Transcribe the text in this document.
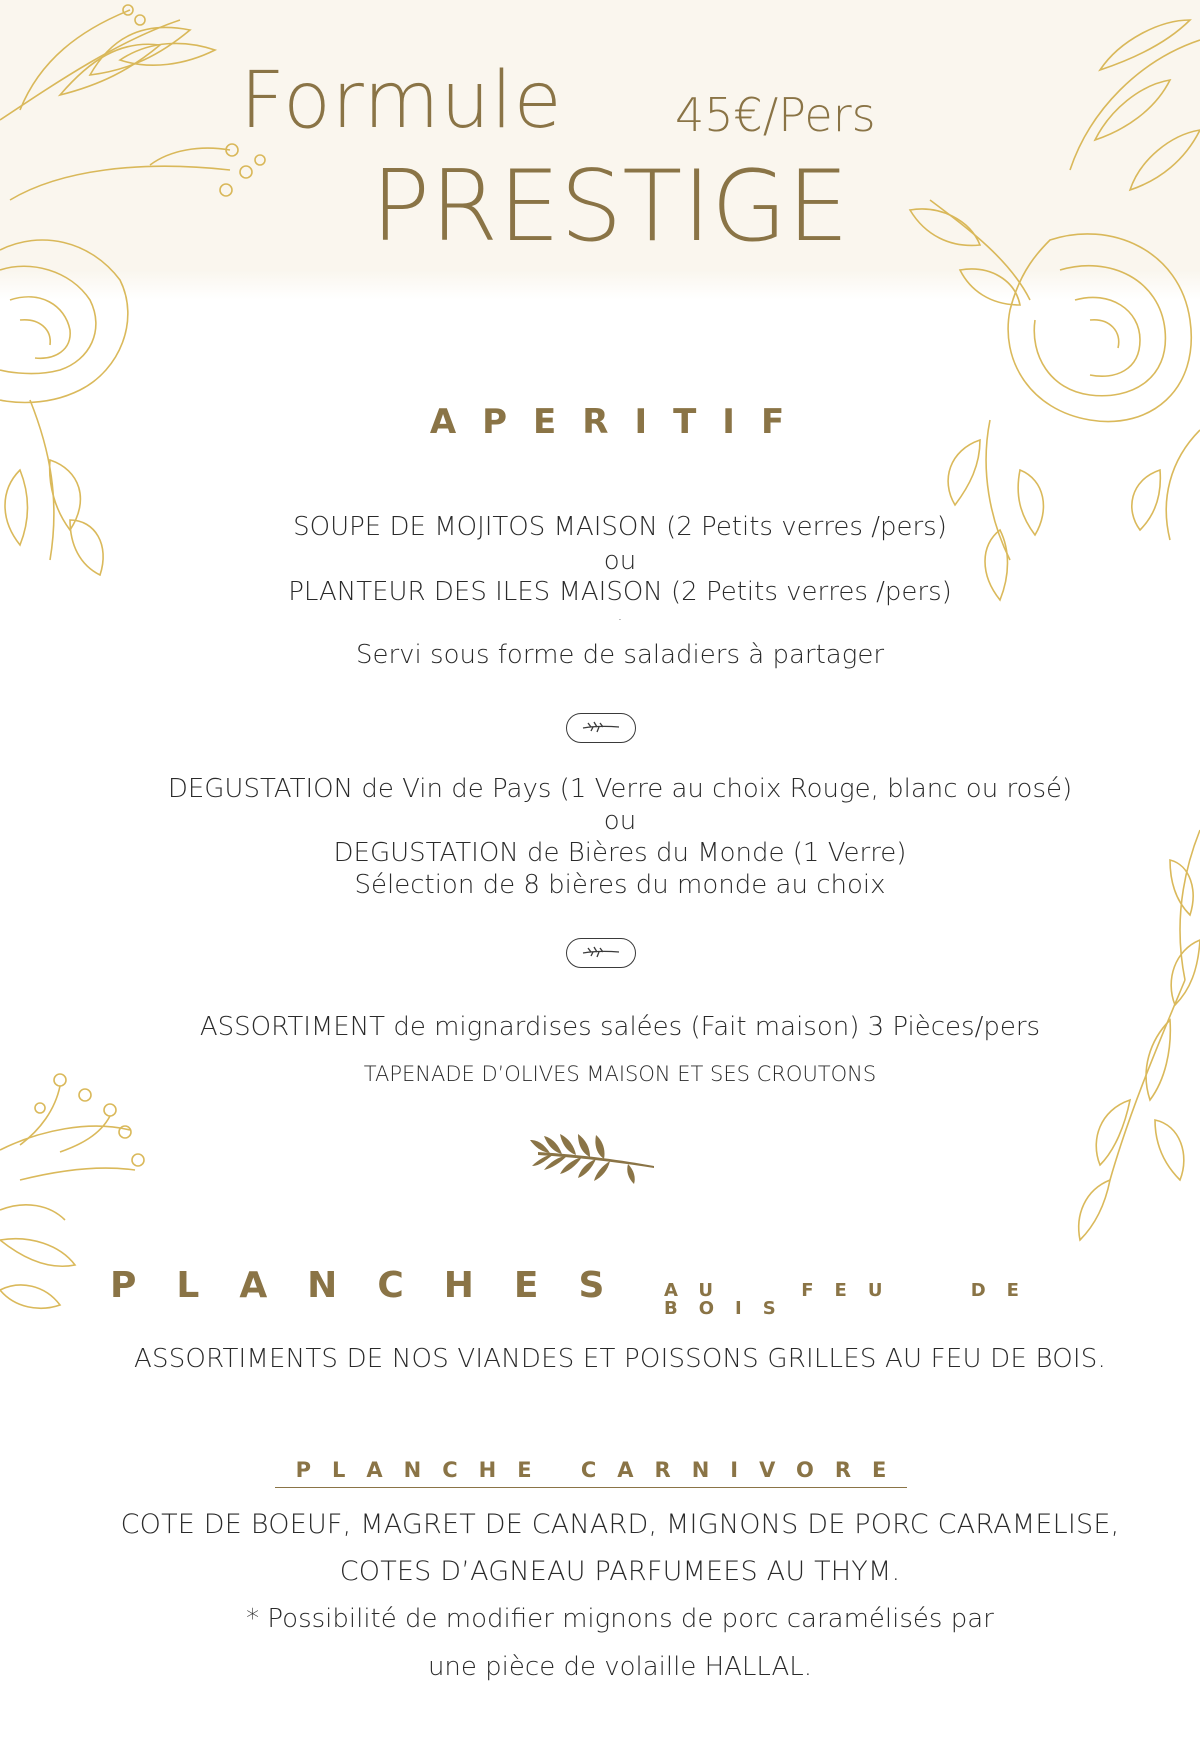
Formule 45€/Pers
PRESTIGE
APERITIF
SOUPE DE MOJITOS MAISON (2 Petits verres /pers)
ou
PLANTEUR DES ILES MAISON (2 Petits verres /pers)
.
Servi sous forme de saladiers à partager
DEGUSTATION de Vin de Pays (1 Verre au choix Rouge, blanc ou rosé)
ou
DEGUSTATION de Bières du Monde (1 Verre)
Sélection de 8 bières du monde au choix
ASSORTIMENT de mignardises salées (Fait maison) 3 Pièces/pers
TAPENADE D’OLIVES MAISON ET SES CROUTONS
PLANCHES AU FEU DE BOIS
ASSORTIMENTS DE NOS VIANDES ET POISSONS GRILLES AU FEU DE BOIS.
PLANCHE CARNIVORE
COTE DE BOEUF, MAGRET DE CANARD, MIGNONS DE PORC CARAMELISE,
COTES D’AGNEAU PARFUMEES AU THYM.
* Possibilité de modifier mignons de porc caramélisés par
une pièce de volaille HALLAL.
